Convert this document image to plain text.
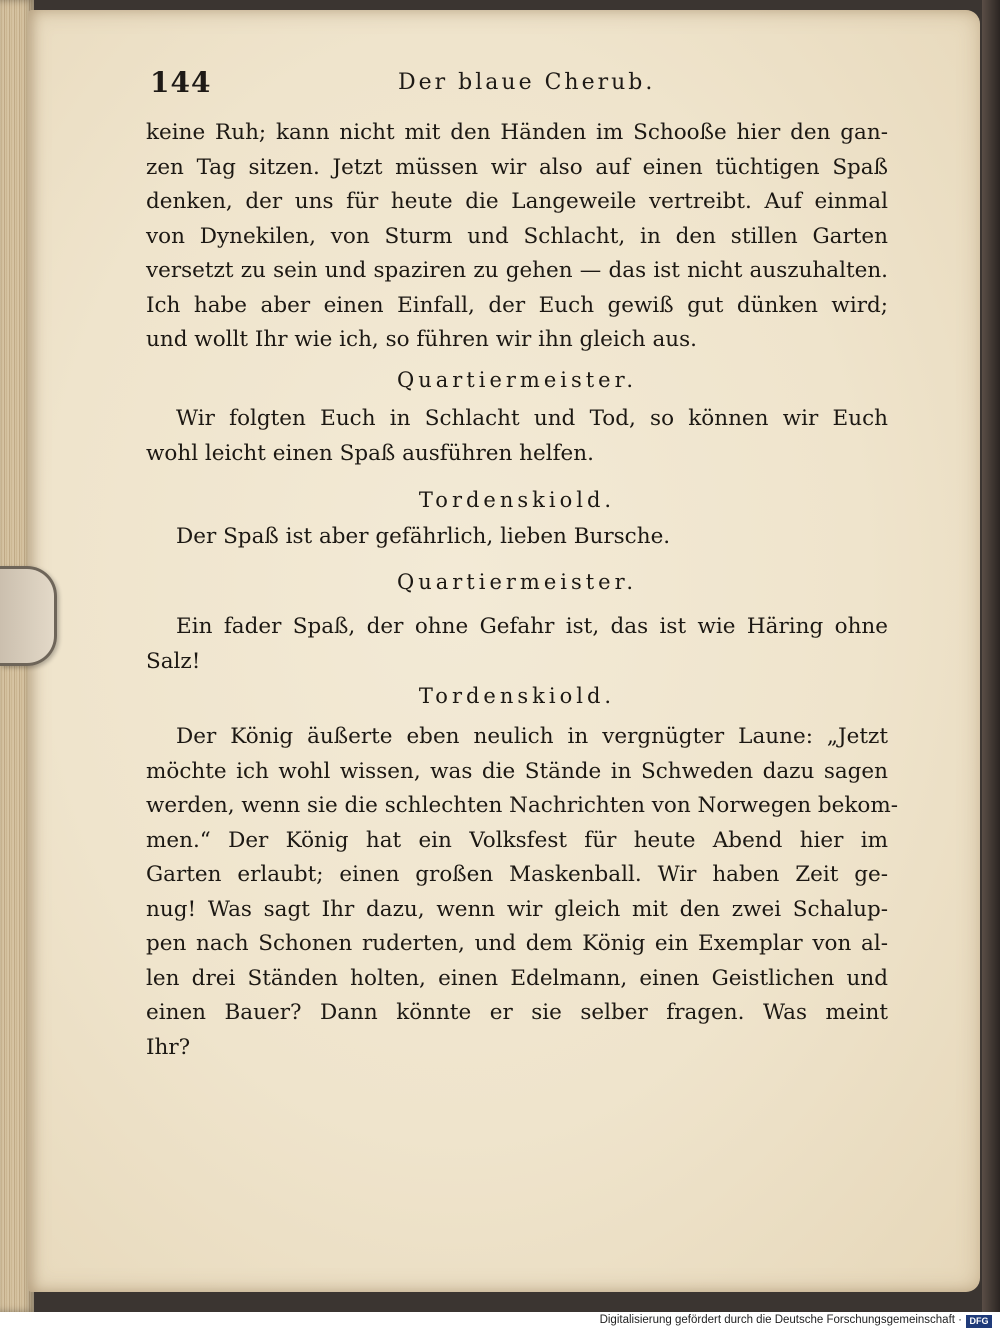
144	Der blaue Cherub.
keine Ruh; kann nicht mit den Händen im Schooße hier den gan-
zen Tag sitzen. Jetzt müssen wir also auf einen tüchtigen Spaß
denken, der uns für heute die Langeweile vertreibt. Auf einmal
von Dynekilen, von Sturm und Schlacht, in den stillen Garten
versetzt zu sein und spaziren zu gehen — das ist nicht auszuhalten.
Ich habe aber einen Einfall, der Euch gewiß gut dünken wird;
und wollt Ihr wie ich, so führen wir ihn gleich aus.
Quartiermeister.
Wir folgten Euch in Schlacht und Tod, so können wir Euch
wohl leicht einen Spaß ausführen helfen.
Tordenskiold.
Der Spaß ist aber gefährlich, lieben Bursche.
Quartiermeister.
Ein fader Spaß, der ohne Gefahr ist, das ist wie Häring ohne
Salz!
Tordenskiold.
Der König äußerte eben neulich in vergnügter Laune: „Jetzt
möchte ich wohl wissen, was die Stände in Schweden dazu sagen
werden, wenn sie die schlechten Nachrichten von Norwegen bekom-
men.“ Der König hat ein Volksfest für heute Abend hier im
Garten erlaubt; einen großen Maskenball. Wir haben Zeit ge-
nug! Was sagt Ihr dazu, wenn wir gleich mit den zwei Schalup-
pen nach Schonen ruderten, und dem König ein Exemplar von al-
len drei Ständen holten, einen Edelmann, einen Geistlichen und
einen Bauer? Dann könnte er sie selber fragen. Was meint
Ihr?
Digitalisierung gefördert durch die Deutsche Forschungsgemeinschaft · DFG
